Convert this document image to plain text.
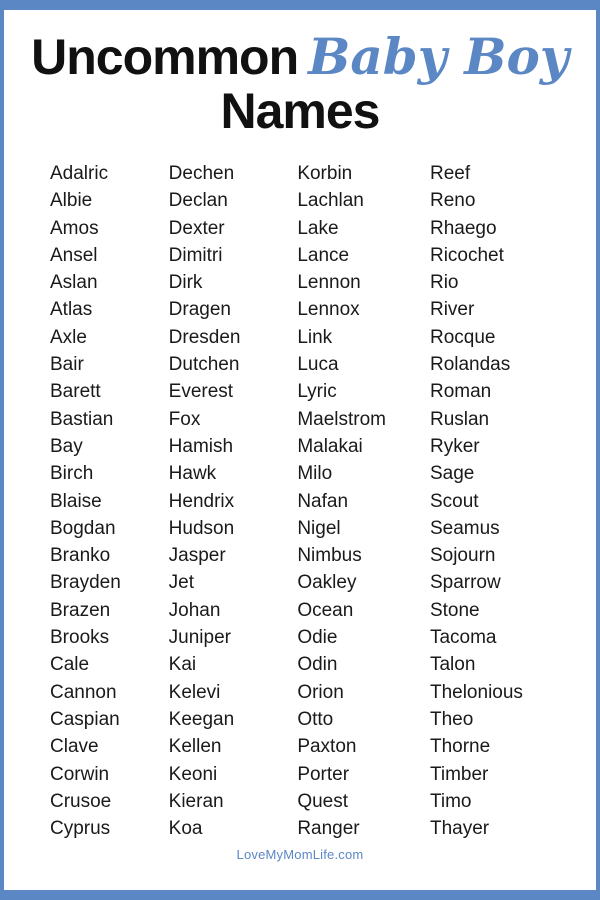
Uncommon Baby Boy
Names
Adalric
Albie
Amos
Ansel
Aslan
Atlas
Axle
Bair
Barett
Bastian
Bay
Birch
Blaise
Bogdan
Branko
Brayden
Brazen
Brooks
Cale
Cannon
Caspian
Clave
Corwin
Crusoe
Cyprus
Dechen
Declan
Dexter
Dimitri
Dirk
Dragen
Dresden
Dutchen
Everest
Fox
Hamish
Hawk
Hendrix
Hudson
Jasper
Jet
Johan
Juniper
Kai
Kelevi
Keegan
Kellen
Keoni
Kieran
Koa
Korbin
Lachlan
Lake
Lance
Lennon
Lennox
Link
Luca
Lyric
Maelstrom
Malakai
Milo
Nafan
Nigel
Nimbus
Oakley
Ocean
Odie
Odin
Orion
Otto
Paxton
Porter
Quest
Ranger
Reef
Reno
Rhaego
Ricochet
Rio
River
Rocque
Rolandas
Roman
Ruslan
Ryker
Sage
Scout
Seamus
Sojourn
Sparrow
Stone
Tacoma
Talon
Thelonious
Theo
Thorne
Timber
Timo
Thayer
LoveMyMomLife.com
